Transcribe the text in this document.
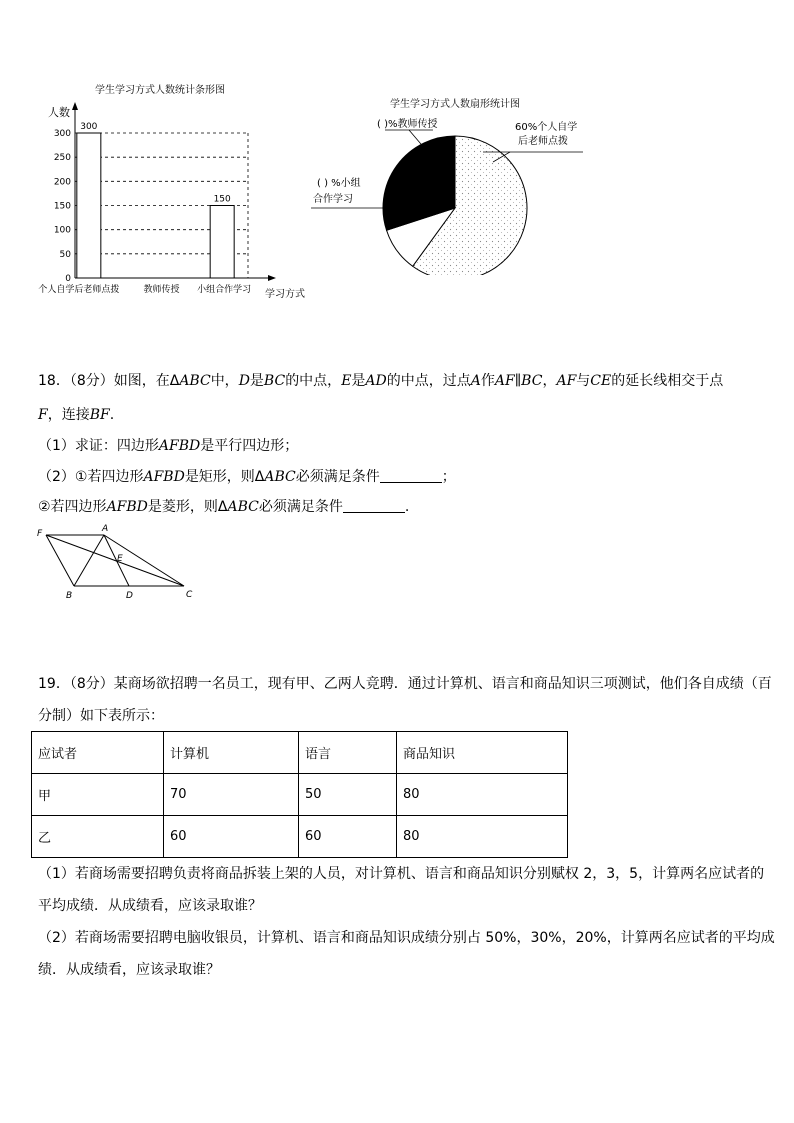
学生学习方式人数统计条形图
人数
学习方式
0
50
100
150
200
250
300
300
150
个人自学后老师点拨	教师传授 小组合作学习
学生学习方式人数扇形统计图
( )%教师传授	60%个人自学
后老师点拨
( ) %小组
合作学习
18．（8分）如图，在ΔABC中，D是BC的中点，E是AD的中点，过点A作AF∥BC，AF与CE的延长线相交于点
F，连接BF.
（1）求证：四边形AFBD是平行四边形；
（2）①若四边形AFBD是矩形，则ΔABC必须满足条件	；
②若四边形AFBD是菱形，则ΔABC必须满足条件	.
F	A
E
B	D	C
19．（8分）某商场欲招聘一名员工，现有甲、乙两人竞聘．通过计算机、语言和商品知识三项测试，他们各自成绩（百
分制）如下表所示：
应试者	计算机	语言	商品知识
甲	70	50	80
乙	60	60	80
（1）若商场需要招聘负责将商品拆装上架的人员，对计算机、语言和商品知识分别赋权 2，3，5，计算两名应试者的
平均成绩．从成绩看，应该录取谁？
（2）若商场需要招聘电脑收银员，计算机、语言和商品知识成绩分别占 50%，30%，20%，计算两名应试者的平均成
绩．从成绩看，应该录取谁？
